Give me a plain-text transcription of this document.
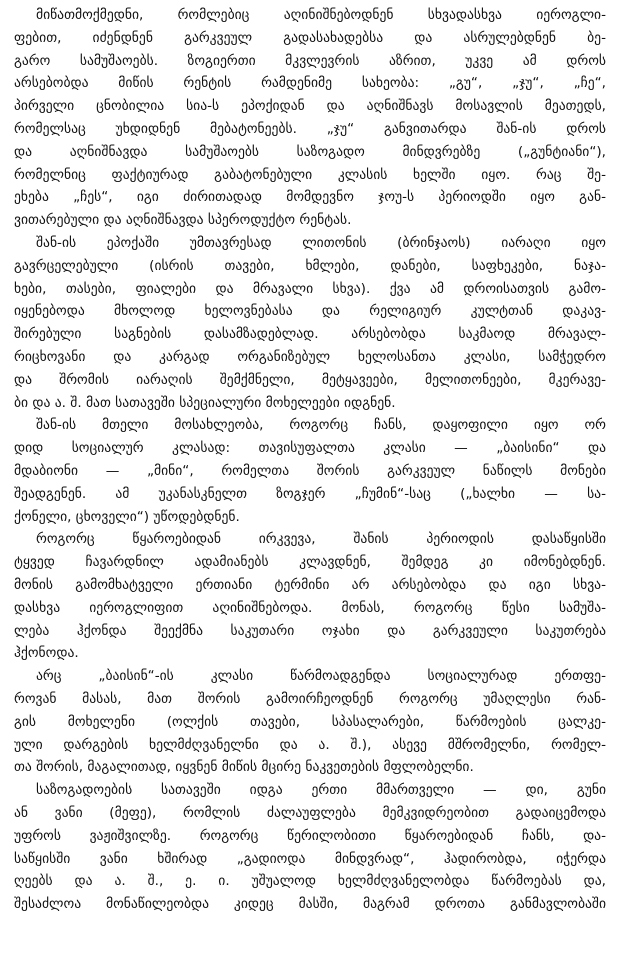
მიწათმოქმედნი, რომლებიც აღინიშნებოდნენ სხვადასხვა იეროგლი-
ფებით, იძენდნენ გარკვეულ გადასახადებსა და ასრულებდნენ ბე-
გარო სამუშაოებს. ზოგიერთი მკვლევრის აზრით, უკვე ამ დროს
არსებობდა მიწის რენტის რამდენიმე სახეობა: „გუ“, „ჯუ“, „ჩე“,
პირველი ცნობილია სია-ს ეპოქიდან და აღნიშნავს მოსავლის მეათედს,
რომელსაც უხდიდნენ მებატონეებს. „ჯუ“ განვითარდა შან-ის დროს
და აღნიშნავდა სამუშაოებს საზოგადო მინდვრებზე („გუნტიანი“),
რომელნიც ფაქტიურად გაბატონებული კლასის ხელში იყო. რაც შე-
ეხება „ჩეს“, იგი ძირითადად მომდევნო ჯოუ-ს პერიოდში იყო გან-
ვითარებული და აღნიშნავდა სპეროდუქტო რენტას.
შან-ის ეპოქაში უმთავრესად ლითონის (ბრინჯაოს) იარაღი იყო
გავრცელებული (ისრის თავები, ხმლები, დანები, საფხეკები, ნაჯა-
ხები, თასები, ფიალები და მრავალი სხვა). ქვა ამ დროისათვის გამო-
იყენებოდა მხოლოდ ხელოვნებასა და რელიგიურ კულტთან დაკავ-
შირებული საგნების დასამზადებლად. არსებობდა საკმაოდ მრავალ-
რიცხოვანი და კარგად ორგანიზებულ ხელოსანთა კლასი, სამჭედრო
და შრომის იარაღის შემქმნელი, მეტყავეები, მელითონეები, მკერავე-
ბი და ა. შ. მათ სათავეში სპეციალური მოხელეები იდგნენ.
შან-ის მთელი მოსახლეობა, როგორც ჩანს, დაყოფილი იყო ორ
დიდ სოციალურ კლასად: თავისუფალთა კლასი — „ბაისინი“ და
მდაბიონი — „მინი“, რომელთა შორის გარკვეულ ნაწილს მონები
შეადგენენ. ამ უკანასკნელთ ზოგჯერ „ჩუმინ“-საც („ხალხი — სა-
ქონელი, ცხოველი“) უწოდებდნენ.
როგორც წყაროებიდან ირკვევა, შანის პერიოდის დასაწყისში
ტყვედ ჩავარდნილ ადამიანებს კლავდნენ, შემდეგ კი იმონებდნენ.
მონის გამომხატველი ერთიანი ტერმინი არ არსებობდა და იგი სხვა-
დასხვა იეროგლიფით აღინიშნებოდა. მონას, როგორც წესი სამუშა-
ლება ჰქონდა შეექმნა საკუთარი ოჯახი და გარკვეული საკუთრება
ჰქონოდა.
არც „ბაისინ“-ის კლასი წარმოადგენდა სოციალურად ერთფე-
როვან მასას, მათ შორის გამოირჩეოდნენ როგორც უმაღლესი რან-
გის მოხელენი (ოლქის თავები, სპასალარები, წარმოების ცალკე-
ული დარგების ხელმძღვანელნი და ა. შ.), ასევე მშრომელნი, რომელ-
თა შორის, მაგალითად, იყვნენ მიწის მცირე ნაკვეთების მფლობელნი.
საზოგადოების სათავეში იდგა ერთი მმართველი — დი, გუნი
ან ვანი (მეფე), რომლის ძალაუფლება მემკვიდრეობით გადაიცემოდა
უფროს ვაჟიშვილზე. როგორც წერილობითი წყაროებიდან ჩანს, და-
საწყისში ვანი ხშირად „გადიოდა მინდვრად“, ჰადირობდა, იჭერდა
ღეებს და ა. შ., ე. ი. უშუალოდ ხელმძღვანელობდა წარმოებას და,
შესაძლოა მონაწილეობდა კიდეც მასში, მაგრამ დროთა განმავლობაში
